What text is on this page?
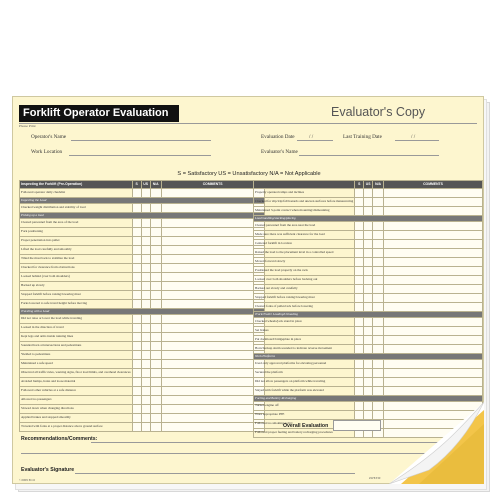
Forklift Operator Evaluation	Evaluator's Copy
Please Print
Operator's Name	Evaluation Date	/ /	Last Training Date	/ /
Work Location	Evaluator's Name
S = Satisfactory US = Unsatisfactory N/A = Not Applicable
Inspecting the Forklift (Pre-Operation)	S	US	N/A	COMMENTS
Followed operator daily checklist				
Inspecting the Load				
Checked weight distribution and stability of load				
Picking up a load				
Cleared personnel from the area of the load				
Fork positioning				
Proper penetration into pallet				
Lifted the load carefully and smoothly				
Tilted the mast back to stabilize the load				
Checked for clearance from obstructions				
Looked behind (over both shoulders)				
Backed up slowly				
Stopped forklift before raising/lowering mast				
Forks lowered to safe travel height before moving				
Traveling with a Load				
Did not raise or lower the load while traveling				
Looked in the direction of travel				
Kept legs and arms inside running lines				
Sounded horn at intersections and pedestrians				
Yielded to pedestrians				
Maintained a safe speed				
Observed all traffic rules, warning signs, floor load limits, and overhead clearances				
Avoided bumps, holes and loose material				
Followed other vehicles at a safe distance				
Allowed no passengers				
Slowed down when changing directions				
Applied brakes and stopped smoothly				
Traveled with forks at a proper distance above ground surface				
	S	US	N/A	COMMENTS
Properly operated ramps and inclines				
Checked for slip/trip/fall hazards and uneven surfaces before maneuvering				
Maintained 3-point contact when mounting/dismounting				
Load handling/stacking/placing				
Cleared personnel from the area near the load				
Made sure there was sufficient clearance for the load				
Centered forklift in location				
Raised the load to the placement level in a controlled speed				
Moved forward slowly				
Positioned the load properly on the rack				
Looked over both shoulders before backing out				
Backed out slowly and carefully				
Stopped forklift before raising/lowering mast				
Cleared forks of pallet/rack before lowering				
Truck/Trailer Loading/Unloading				
Checked wheels/jack stand in place				
Set brakes				
Put dockboard/bridgeplate in place				
Horn/backup alarm sounded to indicate reverse movement				
Work Platforms				
Used only approved platforms for elevating personnel				
Secured the platform				
Did not allow passengers on platform while traveling				
Stayed with forklift while the platform was elevated				
Fueling and Battery Recharging				
Turned engine off				
Wore appropriate PPE				
Followed no smoking policy				
Followed proper fueling and battery recharging procedures				
Overall Evaluation
Recommendations/Comments:
Evaluator's Signature
©2009 ECO	#WE330
